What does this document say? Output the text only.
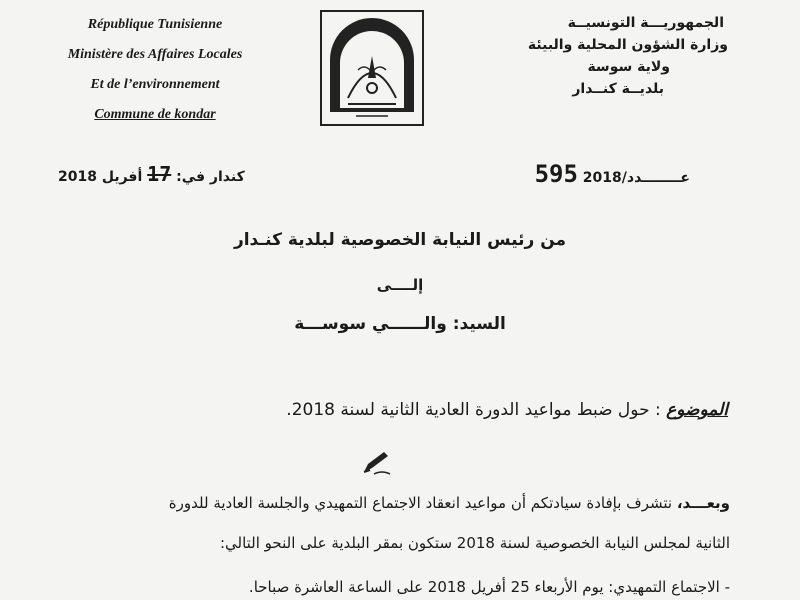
République Tunisienne
Ministère des Affaires Locales
Et de l’environnement
Commune de kondar
الجمهوريـــة التونسيــة
وزارة الشؤون المحلية والبيئة
ولاية سوسة
بلديــة كنــدار
كندار في: 17 أفريل 2018	عــــــــدد/2018 595
من رئيس النيابة الخصوصية لبلدية كنـدار
إلــــى
السيد: والــــــي سوســـة
الموضوع : حول ضبط مواعيد الدورة العادية الثانية لسنة 2018.
وبعـــد، نتشرف بإفادة سيادتكم أن مواعيد انعقاد الاجتماع التمهيدي والجلسة العادية للدورة
الثانية لمجلس النيابة الخصوصية لسنة 2018 ستكون بمقر البلدية على النحو التالي:
- الاجتماع التمهيدي: يوم الأربعاء 25 أفريل 2018 على الساعة العاشرة صباحا.
